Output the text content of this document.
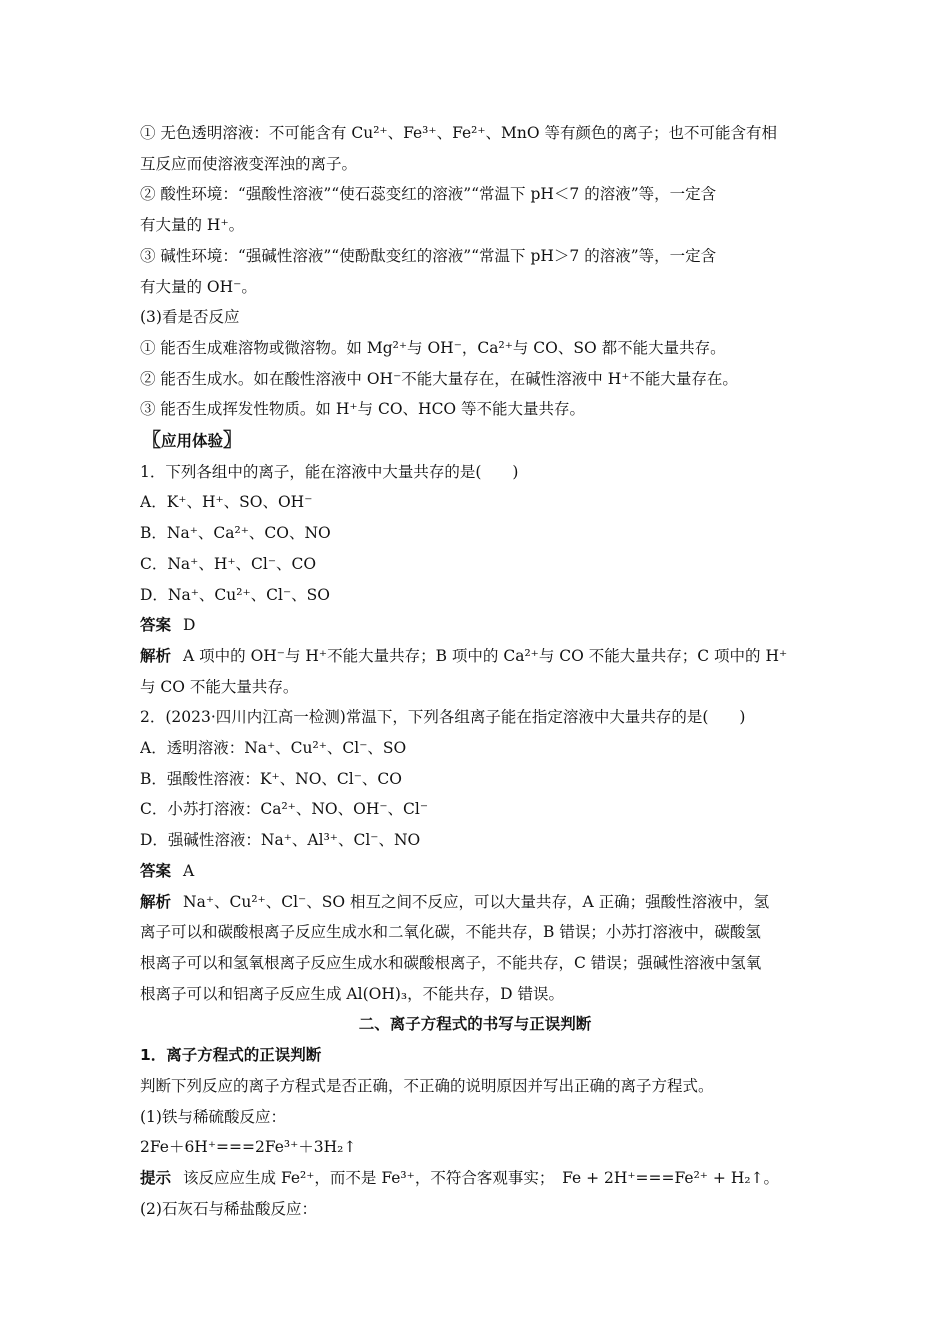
① 无色透明溶液：不可能含有 Cu²⁺、Fe³⁺、Fe²⁺、MnO 等有颜色的离子；也不可能含有相
互反应而使溶液变浑浊的离子。
② 酸性环境：“强酸性溶液”“使石蕊变红的溶液”“常温下 pH＜7 的溶液”等，一定含
有大量的 H⁺。
③ 碱性环境：“强碱性溶液”“使酚酞变红的溶液”“常温下 pH＞7 的溶液”等，一定含
有大量的 OH⁻。
(3)看是否反应
① 能否生成难溶物或微溶物。如 Mg²⁺与 OH⁻，Ca²⁺与 CO、SO 都不能大量共存。
② 能否生成水。如在酸性溶液中 OH⁻不能大量存在，在碱性溶液中 H⁺不能大量存在。
③ 能否生成挥发性物质。如 H⁺与 CO、HCO 等不能大量共存。
〖应用体验〗
1．下列各组中的离子，能在溶液中大量共存的是(　　)
A．K⁺、H⁺、SO、OH⁻
B．Na⁺、Ca²⁺、CO、NO
C．Na⁺、H⁺、Cl⁻、CO
D．Na⁺、Cu²⁺、Cl⁻、SO
答案 D
解析 A 项中的 OH⁻与 H⁺不能大量共存；B 项中的 Ca²⁺与 CO 不能大量共存；C 项中的 H⁺
与 CO 不能大量共存。
2．(2023·四川内江高一检测)常温下，下列各组离子能在指定溶液中大量共存的是(　　)
A．透明溶液：Na⁺、Cu²⁺、Cl⁻、SO
B．强酸性溶液：K⁺、NO、Cl⁻、CO
C．小苏打溶液：Ca²⁺、NO、OH⁻、Cl⁻
D．强碱性溶液：Na⁺、Al³⁺、Cl⁻、NO
答案 A
解析 Na⁺、Cu²⁺、Cl⁻、SO 相互之间不反应，可以大量共存，A 正确；强酸性溶液中，氢
离子可以和碳酸根离子反应生成水和二氧化碳，不能共存，B 错误；小苏打溶液中，碳酸氢
根离子可以和氢氧根离子反应生成水和碳酸根离子，不能共存，C 错误；强碱性溶液中氢氧
根离子可以和铝离子反应生成 Al(OH)₃，不能共存，D 错误。
二、离子方程式的书写与正误判断
1．离子方程式的正误判断
判断下列反应的离子方程式是否正确，不正确的说明原因并写出正确的离子方程式。
(1)铁与稀硫酸反应：
2Fe＋6H⁺===2Fe³⁺＋3H₂↑
提示 该反应应生成 Fe²⁺，而不是 Fe³⁺，不符合客观事实；　Fe + 2H⁺===Fe²⁺ + H₂↑。
(2)石灰石与稀盐酸反应：
